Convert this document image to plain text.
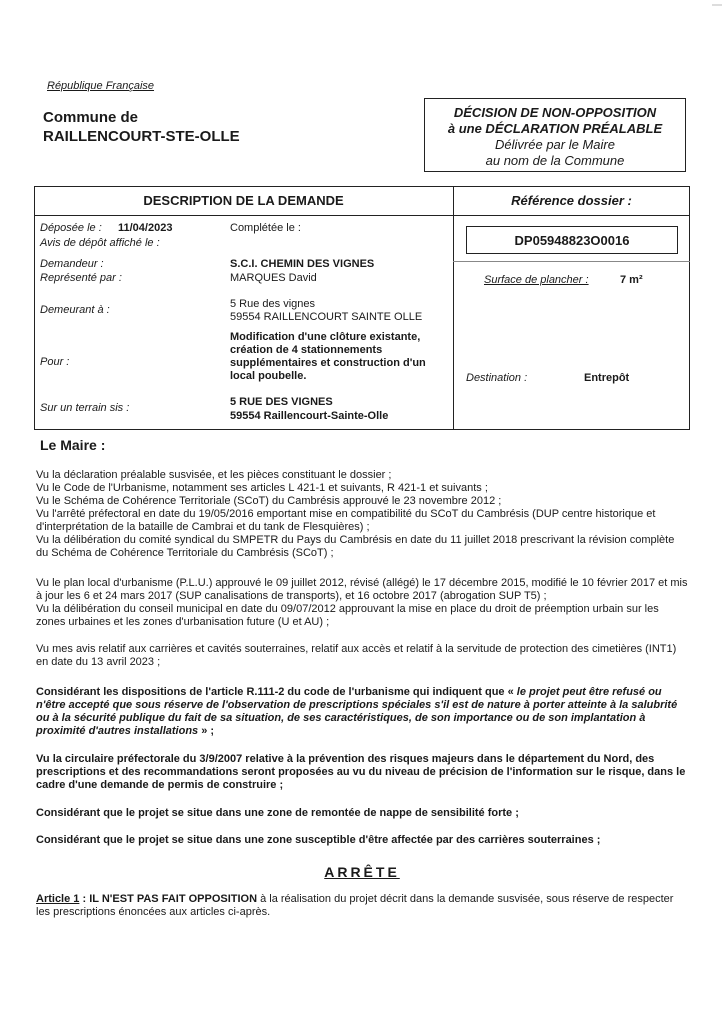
République Française
Commune de
RAILLENCOURT-STE-OLLE
DÉCISION DE NON-OPPOSITION
à une DÉCLARATION PRÉALABLE
Délivrée par le Maire
au nom de la Commune
DESCRIPTION DE LA DEMANDE	Référence dossier :
DP05948823O0016
Déposée le : 11/04/2023	Complétée le :
Avis de dépôt affiché le :
Demandeur :	S.C.I. CHEMIN DES VIGNES
Représenté par :	MARQUES David	Surface de plancher :	7 m²
Demeurant à :	5 Rue des vignes
59554 RAILLENCOURT SAINTE OLLE
Pour :
Modification d'une clôture existante,
création de 4 stationnements
supplémentaires et construction d'un
local poubelle.	Destination :	Entrepôt
Sur un terrain sis :	5 RUE DES VIGNES
59554 Raillencourt-Sainte-Olle
Le Maire :

Vu la déclaration préalable susvisée, et les pièces constituant le dossier ;

Vu le Code de l'Urbanisme, notamment ses articles L 421-1 et suivants, R 421-1 et suivants ;

Vu le Schéma de Cohérence Territoriale (SCoT) du Cambrésis approuvé le 23 novembre 2012 ;

Vu l'arrêté préfectoral en date du 19/05/2016 emportant mise en compatibilité du SCoT du Cambrésis (DUP centre historique et d'interprétation de la bataille de Cambrai et du tank de Flesquières) ;

Vu la délibération du comité syndical du SMPETR du Pays du Cambrésis en date du 11 juillet 2018 prescrivant la révision complète du Schéma de Cohérence Territoriale du Cambrésis (SCoT) ;

Vu le plan local d'urbanisme (P.L.U.) approuvé le 09 juillet 2012, révisé (allégé) le 17 décembre 2015, modifié le 10 février 2017 et mis à jour les 6 et 24 mars 2017 (SUP canalisations de transports), et 16 octobre 2017 (abrogation SUP T5) ;

Vu la délibération du conseil municipal en date du 09/07/2012 approuvant la mise en place du droit de préemption urbain sur les zones urbaines et les zones d'urbanisation future (U et AU) ;

Vu mes avis relatif aux carrières et cavités souterraines, relatif aux accès et relatif à la servitude de protection des cimetières (INT1) en date du 13 avril 2023 ;

Considérant les dispositions de l'article R.111-2 du code de l'urbanisme qui indiquent que « le projet peut être refusé ou n'être accepté que sous réserve de l'observation de prescriptions spéciales s'il est de nature à porter atteinte à la salubrité ou à la sécurité publique du fait de sa situation, de ses caractéristiques, de son importance ou de son implantation à proximité d'autres installations » ;
Vu la circulaire préfectorale du 3/9/2007 relative à la prévention des risques majeurs dans le département du Nord, des prescriptions et des recommandations seront proposées au vu du niveau de précision de l'information sur le risque, dans le cadre d'une demande de permis de construire ;
Considérant que le projet se situe dans une zone de remontée de nappe de sensibilité forte ;
Considérant que le projet se situe dans une zone susceptible d'être affectée par des carrières souterraines ;
ARRÊTE
Article 1 : IL N'EST PAS FAIT OPPOSITION à la réalisation du projet décrit dans la demande susvisée, sous réserve de respecter les prescriptions énoncées aux articles ci-après.
